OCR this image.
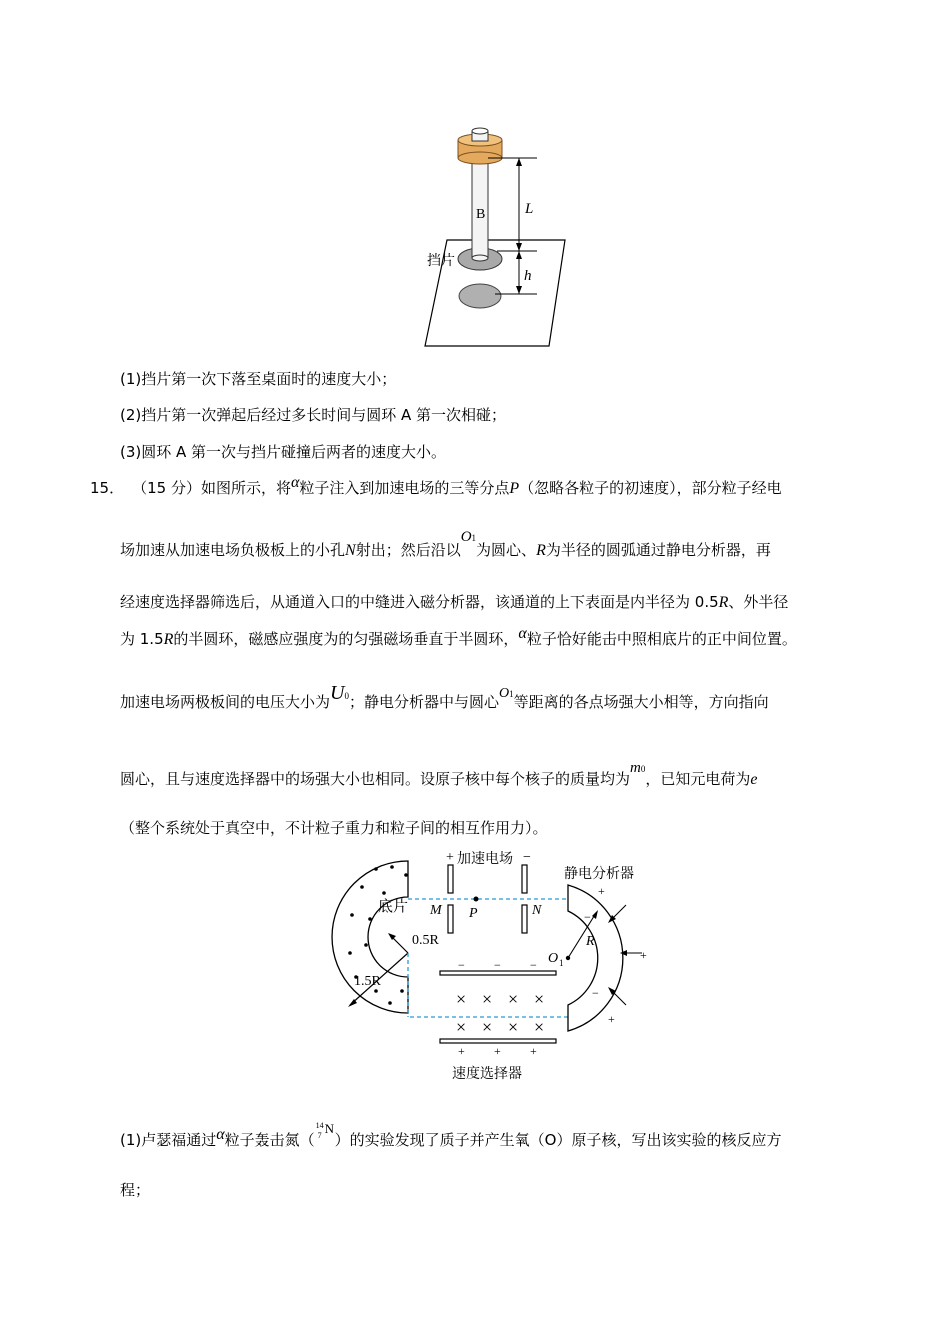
B	L
h
挡片
(1)挡片第一次下落至桌面时的速度大小；
(2)挡片第一次弹起后经过多长时间与圆环 A 第一次相碰；
(3)圆环 A 第一次与挡片碰撞后两者的速度大小。
15． （15 分）如图所示，将α粒子注入到加速电场的三等分点P（忽略各粒子的初速度），部分粒子经电
场加速从加速电场负极板上的小孔N射出；然后沿以O1为圆心、R为半径的圆弧通过静电分析器，再
经速度选择器筛选后，从通道入口的中缝进入磁分析器，该通道的上下表面是内半径为 0.5R、外半径
为 1.5R的半圆环，磁感应强度为的匀强磁场垂直于半圆环，α粒子恰好能击中照相底片的正中间位置。
加速电场两极板间的电压大小为U0；静电分析器中与圆心O1等距离的各点场强大小相等，方向指向
圆心，且与速度选择器中的场强大小也相同。设原子核中每个核子的质量均为m0，已知元电荷为e
（整个系统处于真空中，不计粒子重力和粒子间的相互作用力）。
底片
0.5R
1.5R
+ 加速电场 −
M P	N
静电分析器
+
+
+
−
−
R
O 1
− − −
+ + +
× × × ×
× × × ×
速度选择器
(1)卢瑟福通过α粒子轰击氮（
14
7 N
）的实验发现了质子并产生氧（O）原子核，写出该实验的核反应方
程；
